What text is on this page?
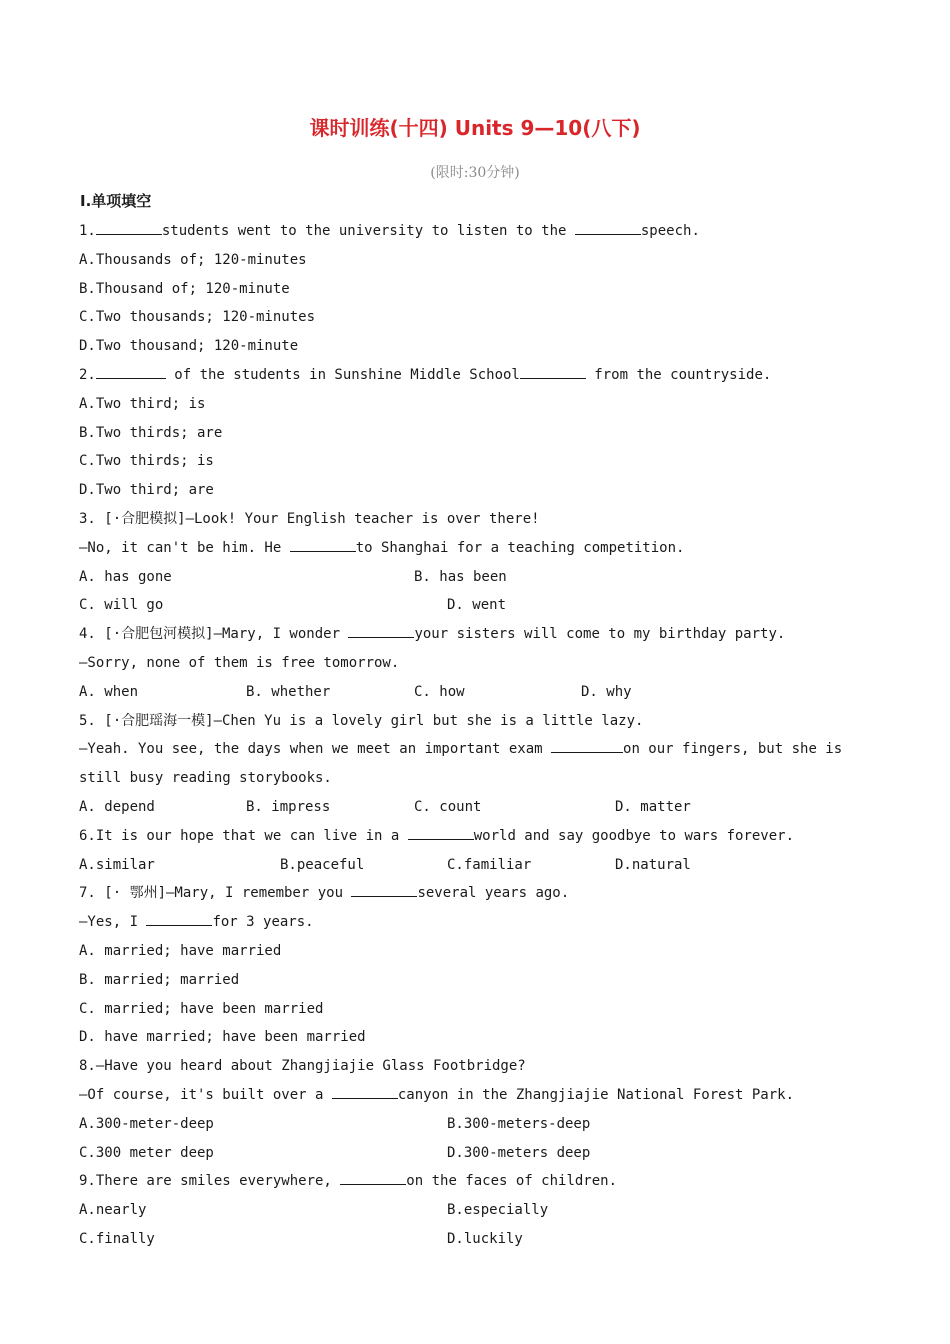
课时训练(十四) Units 9—10(八下)
(限时:30分钟)
Ⅰ.单项填空
1.	students went to the university to listen to the	speech.
A.Thousands of; 120-minutes
B.Thousand of; 120-minute
C.Two thousands; 120-minutes
D.Two thousand; 120-minute
2.	of the students in Sunshine Middle School	from the countryside.
A.Two third; is
B.Two thirds; are
C.Two thirds; is
D.Two third; are
3. [·合肥模拟]—Look! Your English teacher is over there!
—No, it can't be him. He	to Shanghai for a teaching competition.
A. has gone	B. has been
C. will go	D. went
4. [·合肥包河模拟]—Mary, I wonder	your sisters will come to my birthday party.
—Sorry, none of them is free tomorrow.
A. when	B. whether	C. how	D. why
5. [·合肥瑶海一模]—Chen Yu is a lovely girl but she is a little lazy.
—Yeah. You see, the days when we meet an important exam	on our fingers, but she is
still busy reading storybooks.
A. depend	B. impress	C. count	D. matter
6.It is our hope that we can live in a	world and say goodbye to wars forever.
A.similar	B.peaceful	C.familiar	D.natural
7. [· 鄂州]—Mary, I remember you	several years ago.
—Yes, I	for 3 years.
A. married; have married
B. married; married
C. married; have been married
D. have married; have been married
8.—Have you heard about Zhangjiajie Glass Footbridge?
—Of course, it's built over a	canyon in the Zhangjiajie National Forest Park.
A.300-meter-deep	B.300-meters-deep
C.300 meter deep	D.300-meters deep
9.There are smiles everywhere,	on the faces of children.
A.nearly	B.especially
C.finally	D.luckily
